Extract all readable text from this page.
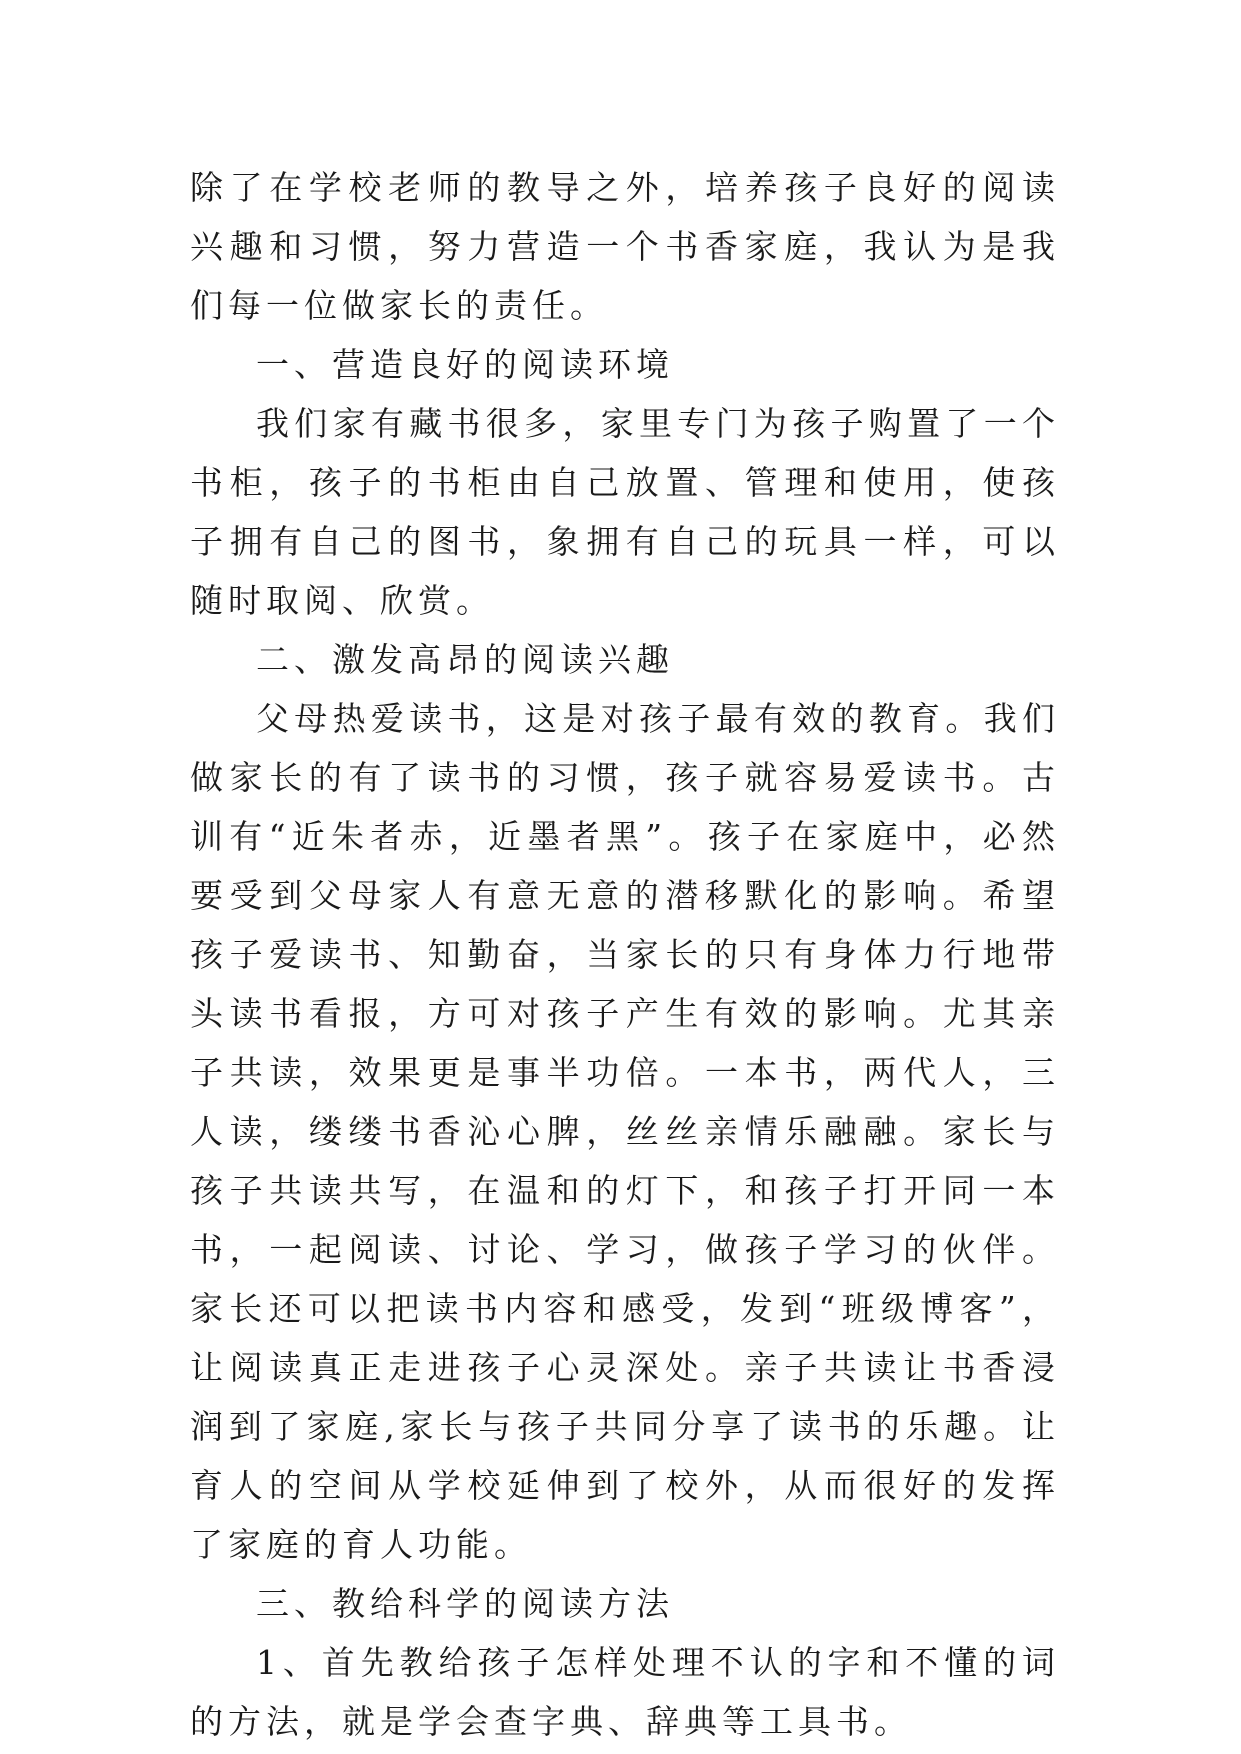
除了在学校老师的教导之外，培养孩子良好的阅读兴趣和习惯，努力营造一个书香家庭，我认为是我们每一位做家长的责任。

一、营造良好的阅读环境

我们家有藏书很多，家里专门为孩子购置了一个书柜，孩子的书柜由自己放置、管理和使用，使孩子拥有自己的图书，象拥有自己的玩具一样，可以随时取阅、欣赏。

二、激发高昂的阅读兴趣

父母热爱读书，这是对孩子最有效的教育。我们做家长的有了读书的习惯，孩子就容易爱读书。古训有“近朱者赤，近墨者黑”。孩子在家庭中，必然要受到父母家人有意无意的潜移默化的影响。希望孩子爱读书、知勤奋，当家长的只有身体力行地带头读书看报，方可对孩子产生有效的影响。尤其亲子共读，效果更是事半功倍。一本书，两代人，三人读，缕缕书香沁心脾，丝丝亲情乐融融。家长与孩子共读共写，在温和的灯下，和孩子打开同一本书，一起阅读、讨论、学习，做孩子学习的伙伴。家长还可以把读书内容和感受，发到“班级博客”，让阅读真正走进孩子心灵深处。亲子共读让书香浸润到了家庭,家长与孩子共同分享了读书的乐趣。让育人的空间从学校延伸到了校外，从而很好的发挥了家庭的育人功能。

三、教给科学的阅读方法

1、首先教给孩子怎样处理不认的字和不懂的词的方法，就是学会查字典、辞典等工具书。
